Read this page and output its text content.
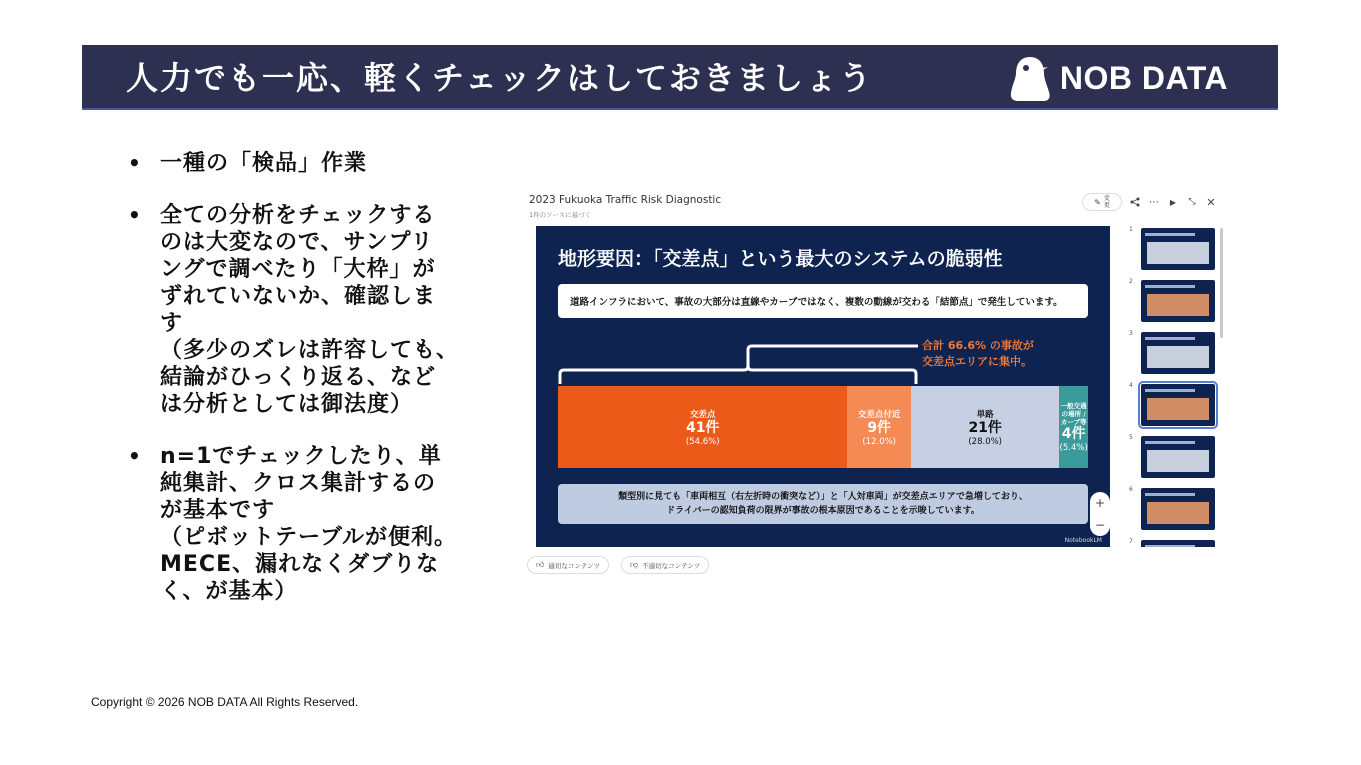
人力でも一応、軽くチェックはしておきましょう	NOB DATA
• 一種の「検品」作業
• 全ての分析をチェックする
のは大変なので、サンプリ
ングで調べたり「大枠」が
ずれていないか、確認しま
す
（多少のズレは許容しても、
結論がひっくり返る、など
は分析としては御法度）
• n=1でチェックしたり、単
純集計、クロス集計するの
が基本です
（ピボットテーブルが便利。
MECE、漏れなくダブりな
く、が基本）
2023 Fukuoka Traffic Risk Diagnostic
1件のソースに基づく
✎ 変
更	⋯	▶	⤡ ✕
地形要因：「交差点」という最大のシステムの脆弱性
道路インフラにおいて、事故の大部分は直線やカーブではなく、複数の動線が交わる「結節点」で発生しています。
合計 66.6% の事故が
交差点エリアに集中。
交差点
41件
(54.6%)
交差点付近
9件
(12.0%)
単路
21件
(28.0%)
一般交通の場所 / カーブ等
4件
(5.4%)
類型別に見ても「車両相互（右左折時の衝突など）」と「人対車両」が交差点エリアで急増しており、
ドライバーの認知負荷の限界が事故の根本原因であることを示唆しています。
+
−
NotebookLM
1
2
3
4
5
6
7
👍︎ 適切なコンテンツ	👎︎ 不適切なコンテンツ
Copyright © 2026 NOB DATA All Rights Reserved.
